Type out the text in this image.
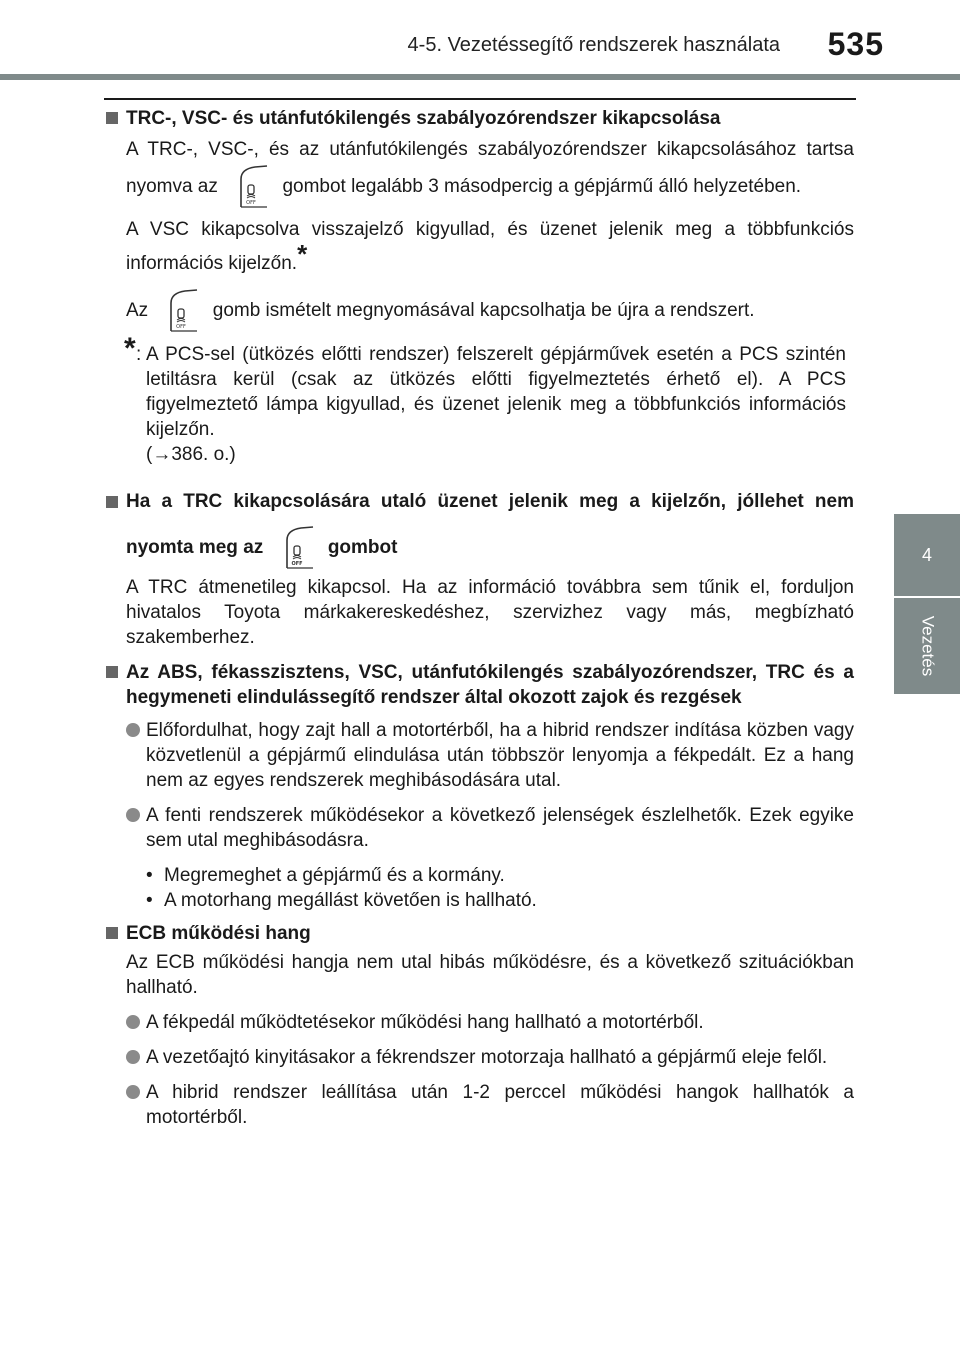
4-5. Vezetéssegítő rendszerek használata 535
4
Vezetés
TRC-, VSC- és utánfutókilengés szabályozórendszer kikapcsolása
A TRC-, VSC-, és az utánfutókilengés szabályozórendszer kikapcsolásához tartsa nyomva az
OFF
gombot legalább 3 másodpercig a gépjármű álló helyzetében.
A VSC kikapcsolva visszajelző kigyullad, és üzenet jelenik meg a többfunkciós információs kijelzőn.*
Az
OFF
gomb ismételt megnyomásával kapcsolhatja be újra a rendszert.
* : A PCS-sel (ütközés előtti rendszer) felszerelt gépjárművek esetén a PCS szintén letiltásra kerül (csak az ütközés előtti figyelmeztetés érhető el). A PCS figyelmeztető lámpa kigyullad, és üzenet jelenik meg a többfunkciós információs kijelzőn.
(→386. o.)
Ha a TRC kikapcsolására utaló üzenet jelenik meg a kijelzőn, jóllehet nem nyomta meg az
OFF
gombot
A TRC átmenetileg kikapcsol. Ha az információ továbbra sem tűnik el, forduljon hivatalos Toyota márkakereskedéshez, szervizhez vagy más, megbízható szakemberhez.
Az ABS, fékasszisztens, VSC, utánfutókilengés szabályozórendszer, TRC és a hegymeneti elindulássegítő rendszer által okozott zajok és rezgések
Előfordulhat, hogy zajt hall a motortérből, ha a hibrid rendszer indítása közben vagy közvetlenül a gépjármű elindulása után többször lenyomja a fékpedált. Ez a hang nem az egyes rendszerek meghibásodására utal.
A fenti rendszerek működésekor a következő jelenségek észlelhetők. Ezek egyike sem utal meghibásodásra.
• Megremeghet a gépjármű és a kormány.
• A motorhang megállást követően is hallható.
ECB működési hang
Az ECB működési hangja nem utal hibás működésre, és a következő szituációkban hallható.
A fékpedál működtetésekor működési hang hallható a motortérből.
A vezetőajtó kinyitásakor a fékrendszer motorzaja hallható a gépjármű eleje felől.
A hibrid rendszer leállítása után 1-2 perccel működési hangok hallhatók a motortérből.
